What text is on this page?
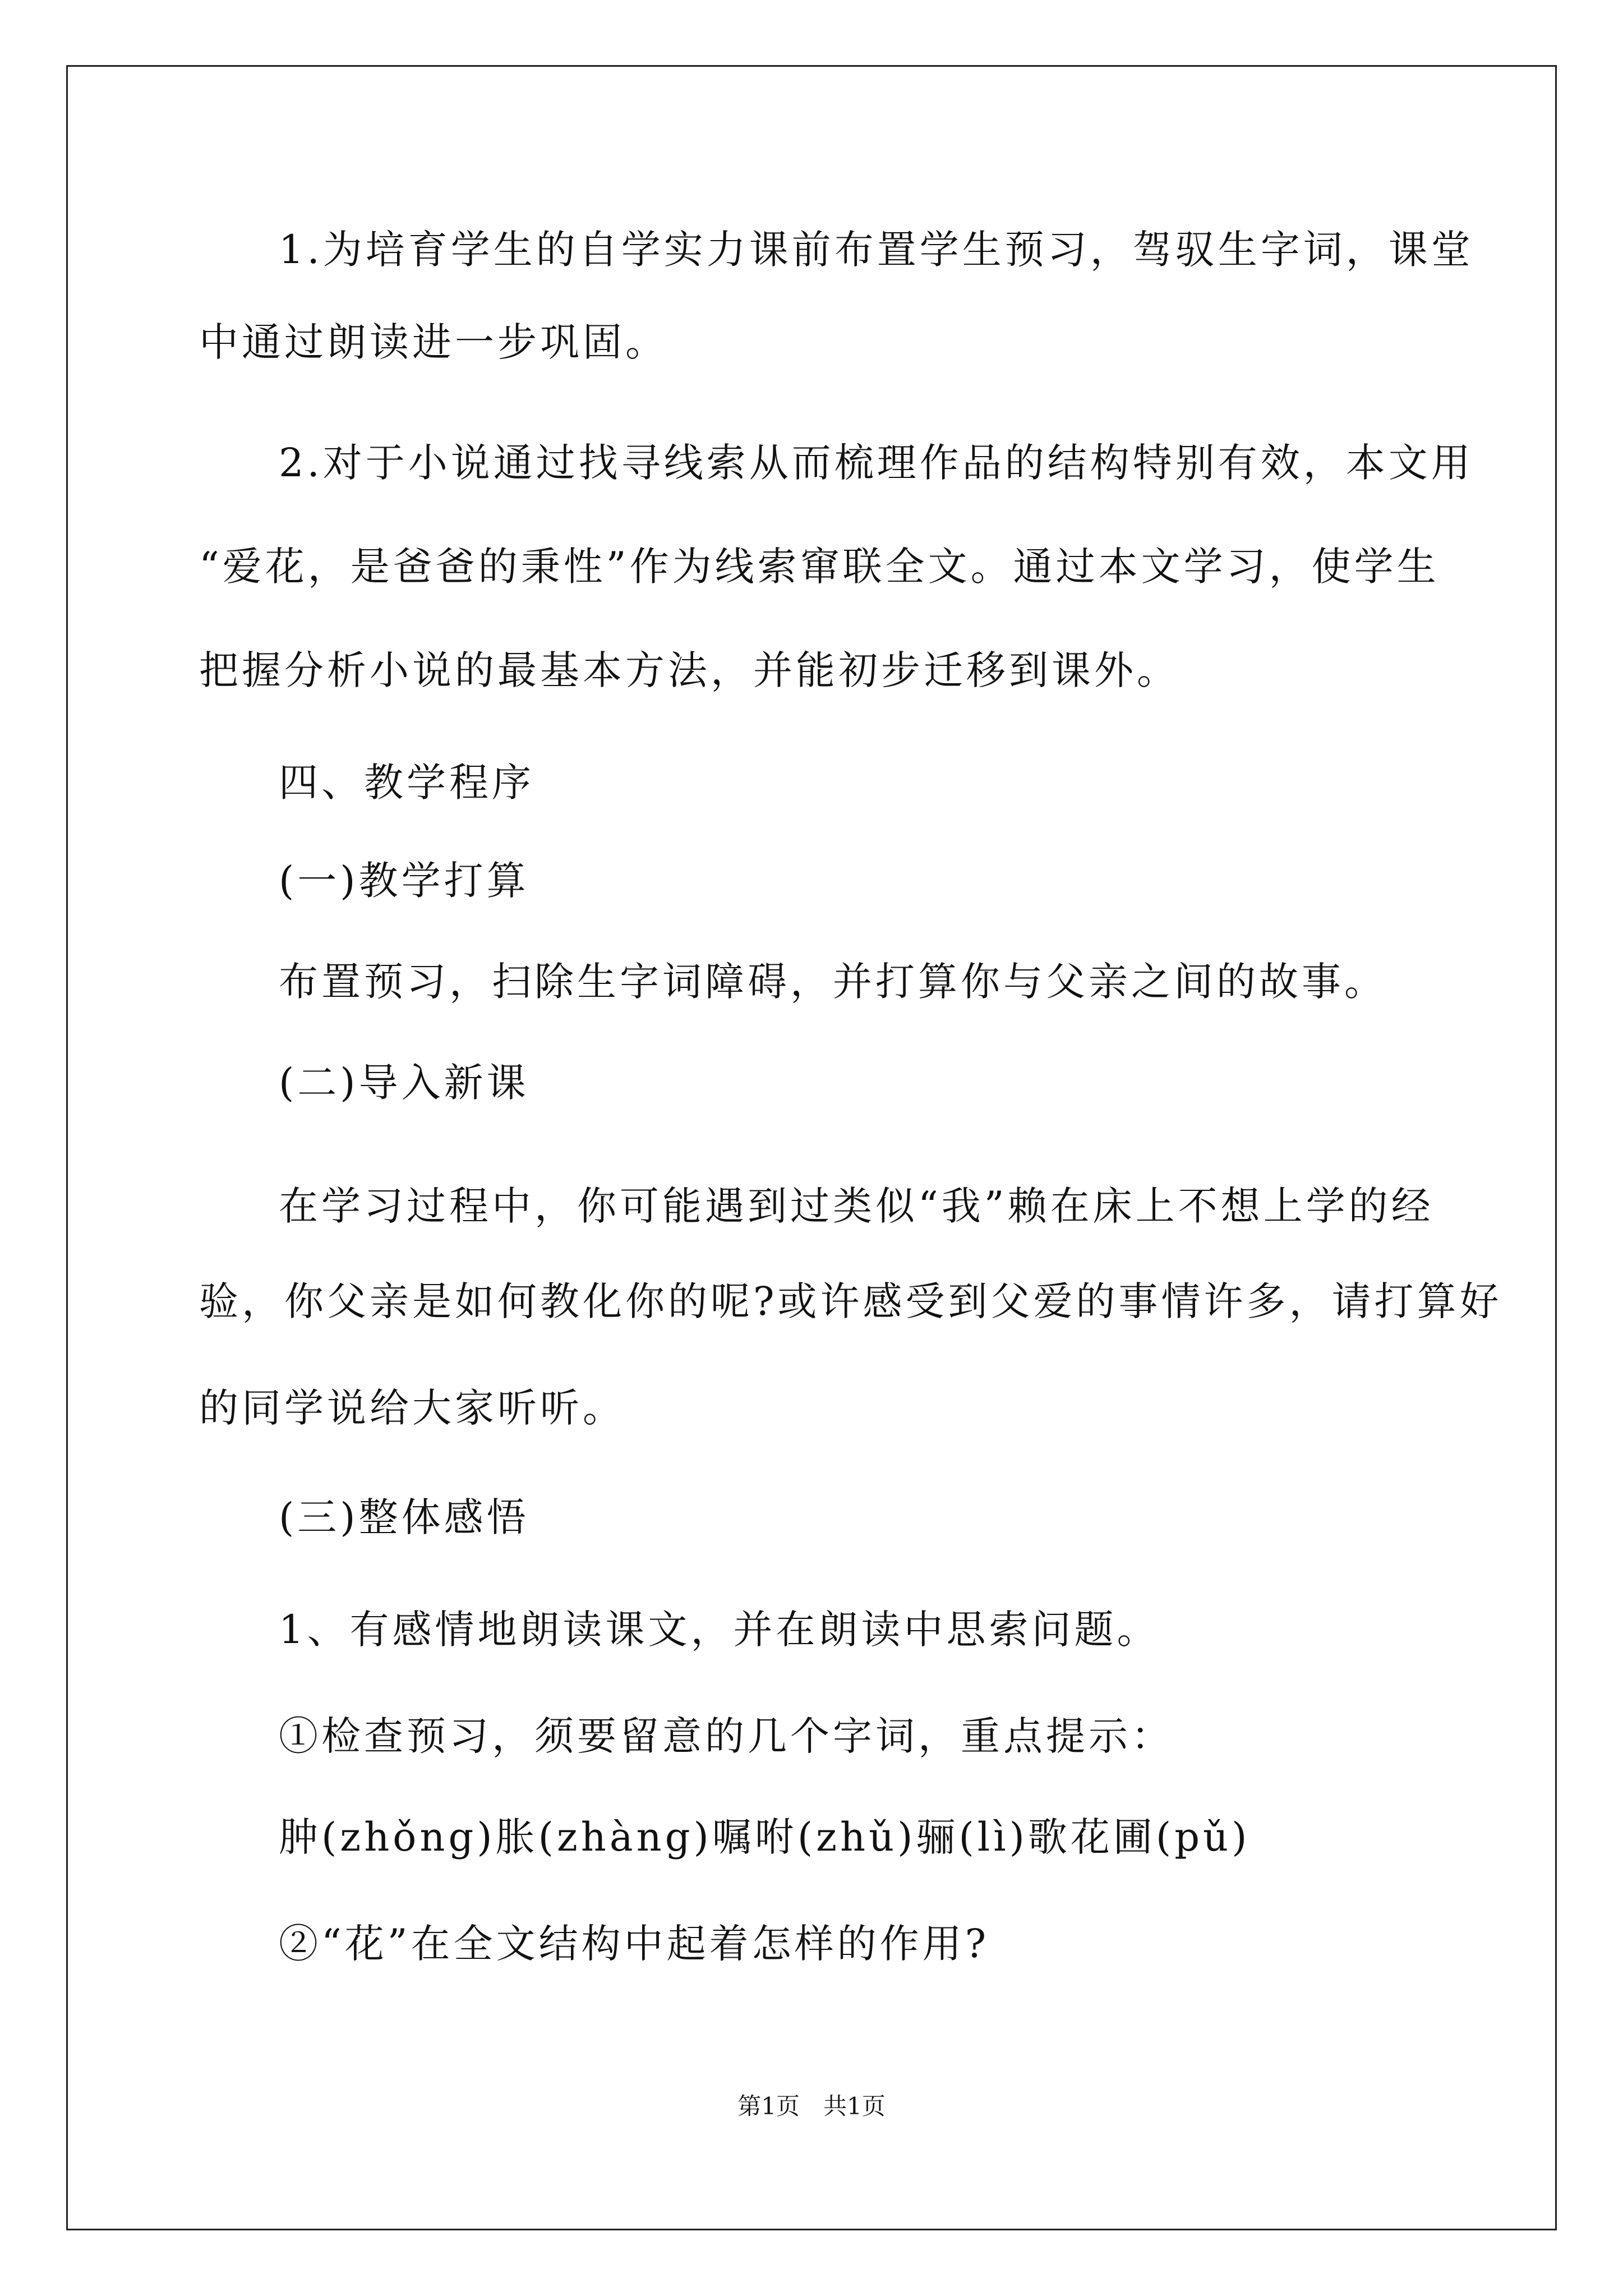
1.为培育学生的自学实力课前布置学生预习，驾驭生字词，课堂
中通过朗读进一步巩固。
2.对于小说通过找寻线索从而梳理作品的结构特别有效，本文用
“爱花，是爸爸的秉性”作为线索窜联全文。通过本文学习，使学生
把握分析小说的最基本方法，并能初步迁移到课外。
四、教学程序
(一)教学打算
布置预习，扫除生字词障碍，并打算你与父亲之间的故事。
(二)导入新课
在学习过程中，你可能遇到过类似“我”赖在床上不想上学的经
验，你父亲是如何教化你的呢?或许感受到父爱的事情许多，请打算好
的同学说给大家听听。
(三)整体感悟
1、有感情地朗读课文，并在朗读中思索问题。
①检查预习，须要留意的几个字词，重点提示：
肿(zhǒng)胀(zhàng)嘱咐(zhǔ)骊(lì)歌花圃(pǔ)
②“花”在全文结构中起着怎样的作用?
第1页　共1页
